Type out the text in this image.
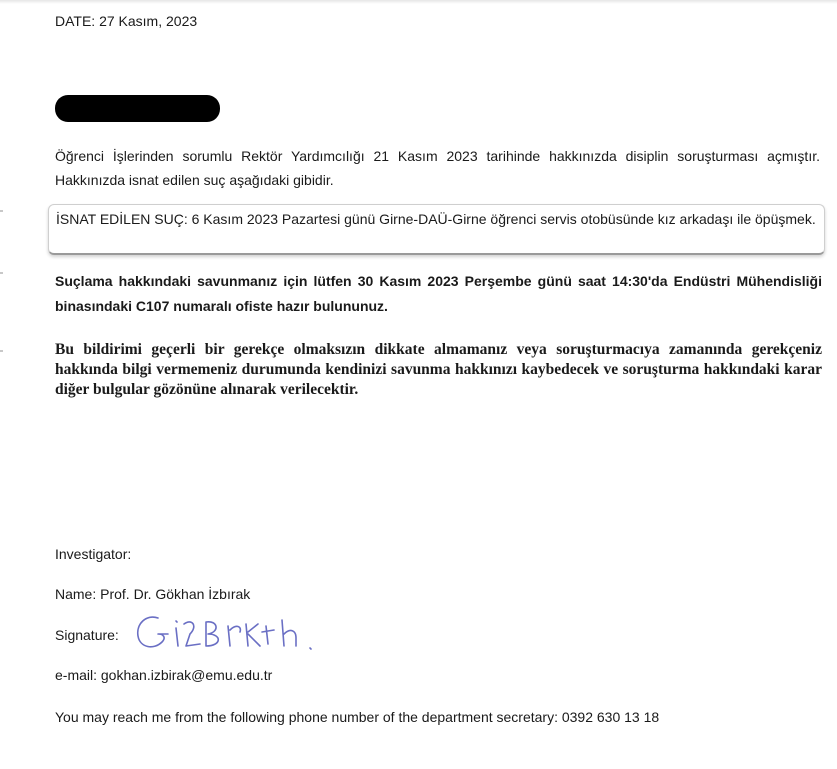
DATE: 27 Kasım, 2023
Öğrenci İşlerinden sorumlu Rektör Yardımcılığı 21 Kasım 2023 tarihinde hakkınızda disiplin soruşturması açmıştır. Hakkınızda isnat edilen suç aşağıdaki gibidir.
İSNAT EDİLEN SUÇ: 6 Kasım 2023 Pazartesi günü Girne-DAÜ-Girne öğrenci servis otobüsünde kız arkadaşı ile öpüşmek.
Suçlama hakkındaki savunmanız için lütfen 30 Kasım 2023 Perşembe günü saat 14:30'da Endüstri Mühendisliği binasındaki C107 numaralı ofiste hazır bulununuz.
Bu bildirimi geçerli bir gerekçe olmaksızın dikkate almamanız veya soruşturmacıya zamanında gerekçeniz hakkında bilgi vermemeniz durumunda kendinizi savunma hakkınızı kaybedecek ve soruşturma hakkındaki karar diğer bulgular gözönüne alınarak verilecektir.
Investigator:
Name: Prof. Dr. Gökhan İzbırak
Signature:
e-mail: gokhan.izbirak@emu.edu.tr
You may reach me from the following phone number of the department secretary: 0392 630 13 18
